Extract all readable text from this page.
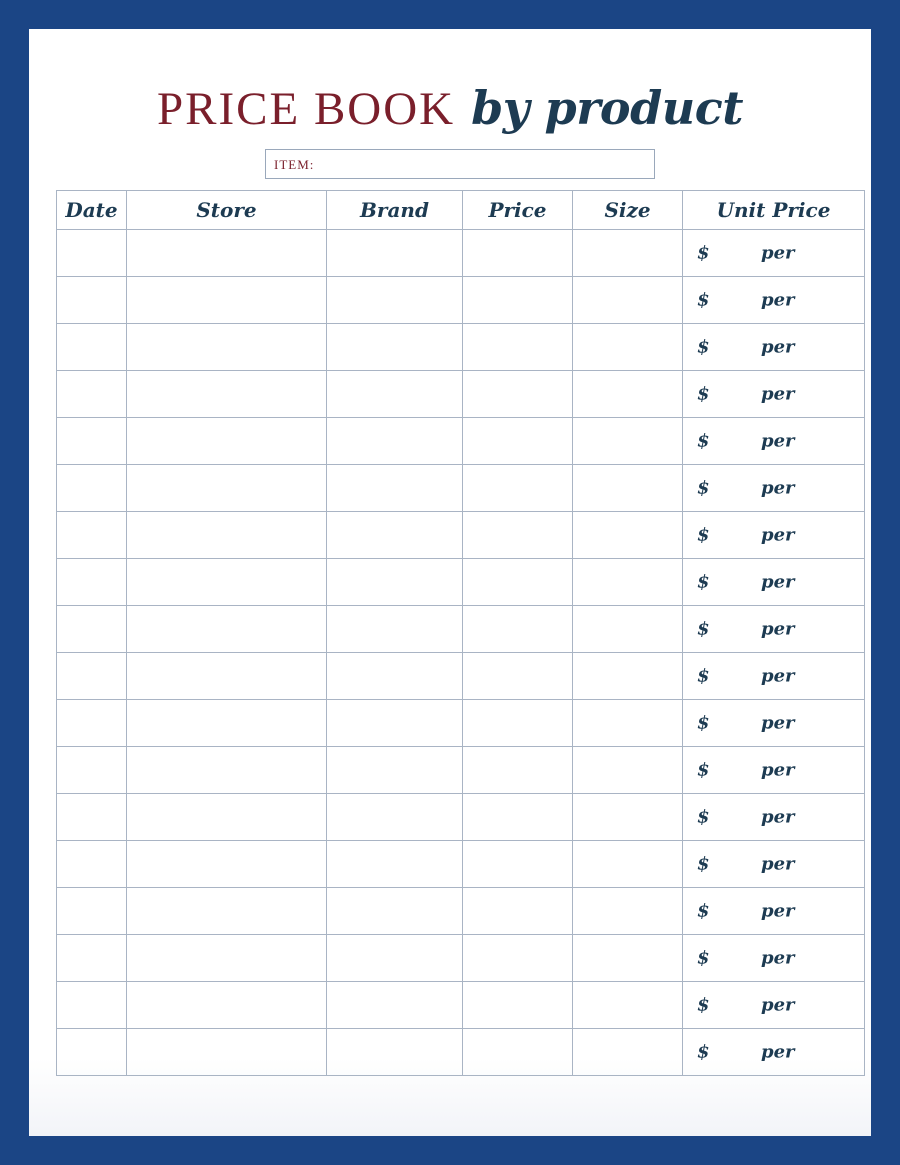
PRICE BOOK by product
ITEM:
Date	Store	Brand	Price	Size	Unit Price

					$ per

					$ per

					$ per

					$ per

					$ per

					$ per

					$ per

					$ per

					$ per

					$ per

					$ per

					$ per

					$ per

					$ per

					$ per

					$ per

					$ per

					$ per
